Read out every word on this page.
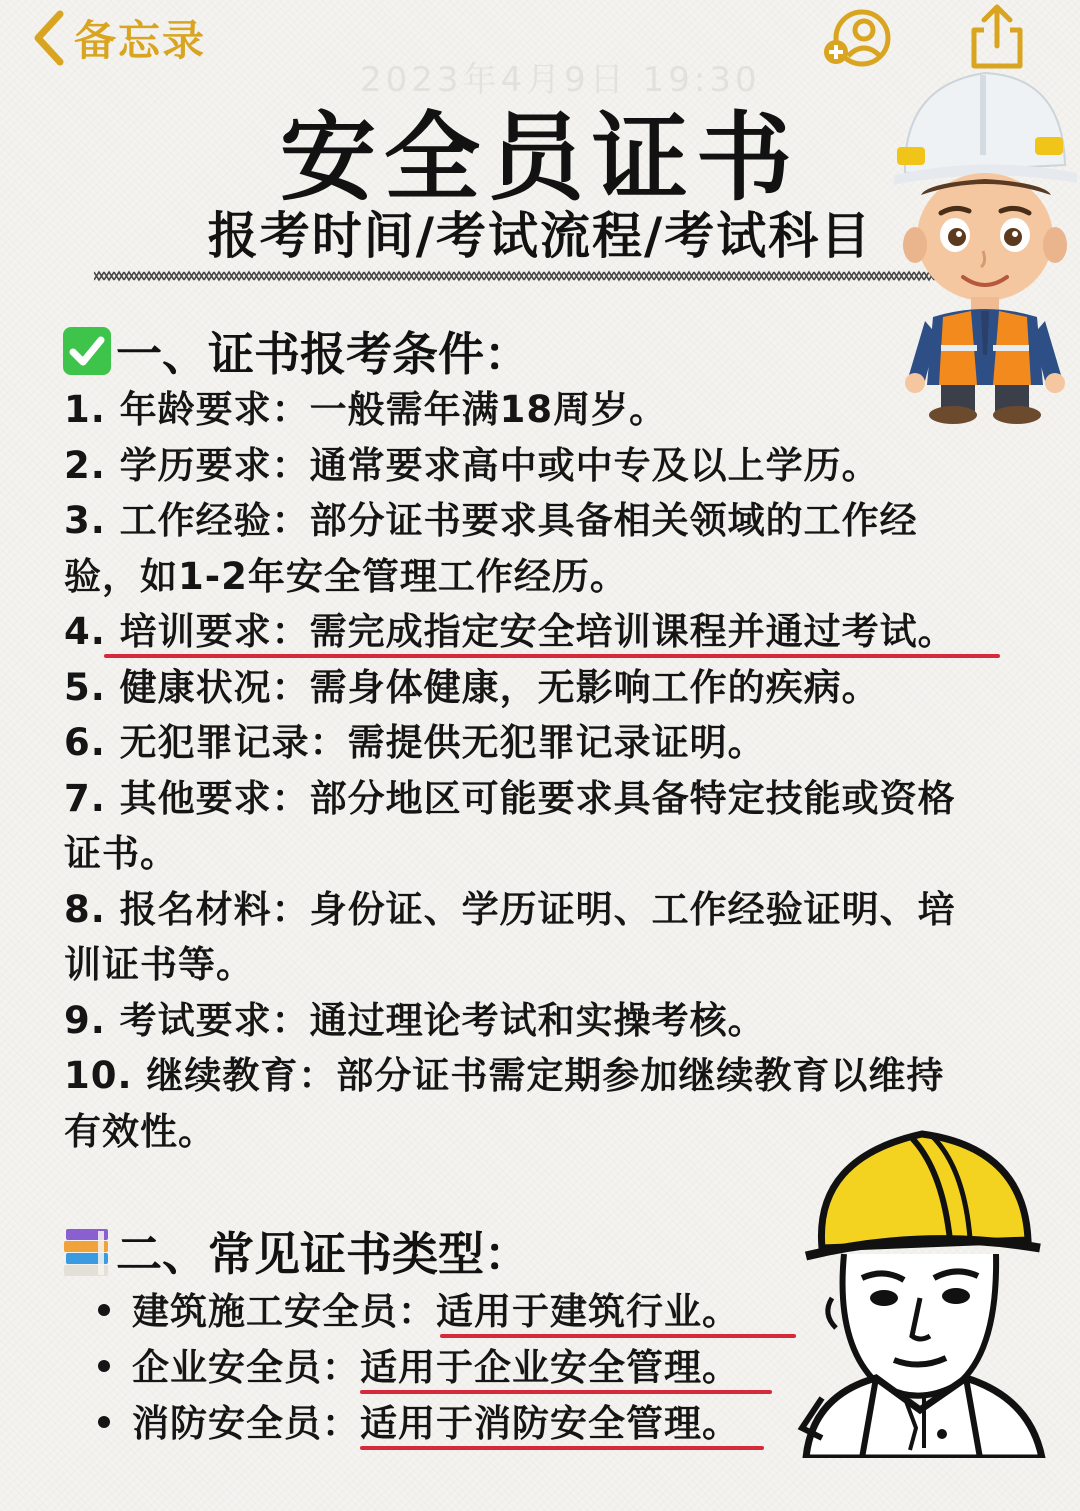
备忘录
2023年4月9日 19:30
安全员证书
报考时间/考试流程/考试科目
一、证书报考条件：
1. 年龄要求：一般需年满18周岁。
2. 学历要求：通常要求高中或中专及以上学历。
3. 工作经验：部分证书要求具备相关领域的工作经
验，如1-2年安全管理工作经历。
4. 培训要求：需完成指定安全培训课程并通过考试。
5. 健康状况：需身体健康，无影响工作的疾病。
6. 无犯罪记录：需提供无犯罪记录证明。
7. 其他要求：部分地区可能要求具备特定技能或资格
证书。
8. 报名材料：身份证、学历证明、工作经验证明、培
训证书等。
9. 考试要求：通过理论考试和实操考核。
10. 继续教育：部分证书需定期参加继续教育以维持
有效性。
二、常见证书类型：
建筑施工安全员：适用于建筑行业。
企业安全员：适用于企业安全管理。
消防安全员：适用于消防安全管理。
